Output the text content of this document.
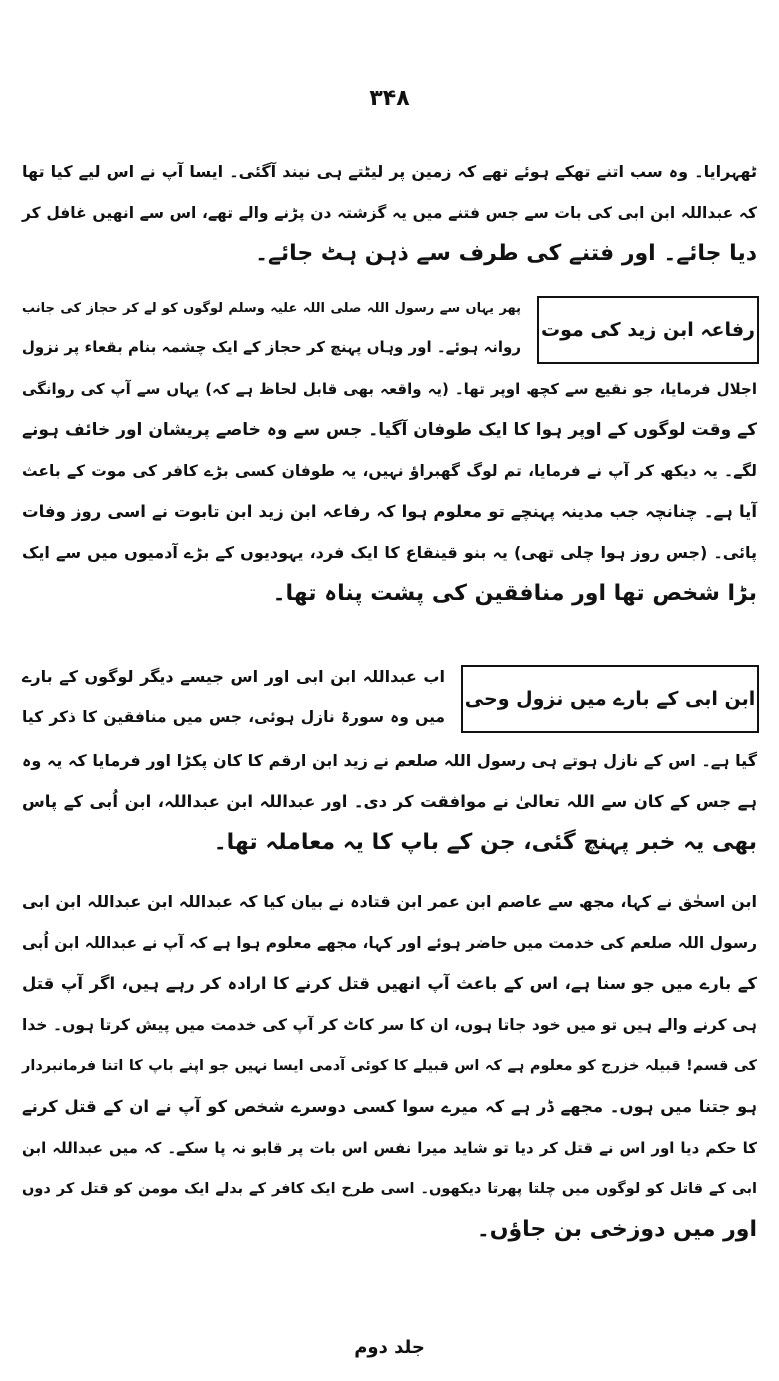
۳۴۸
ٹھہرایا۔ وہ سب اتنے تھکے ہوئے تھے کہ زمین پر لیٹتے ہی نیند آگئی۔ ایسا آپ نے اس لیے کیا تھا
کہ عبداللہ ابن ابی کی بات سے جس فتنے میں یہ گزشتہ دن پڑنے والے تھے، اس سے انھیں غافل کر
دیا جائے۔ اور فتنے کی طرف سے ذہن ہٹ جائے۔
رفاعہ ابن زید کی موت
پھر یہاں سے رسول اللہ صلی اللہ علیہ وسلم لوگوں کو لے کر حجاز کی جانب
روانہ ہوئے۔ اور وہاں پہنچ کر حجاز کے ایک چشمہ بنام بقعاء پر نزول
اجلال فرمایا، جو نقیع سے کچھ اوپر تھا۔ (یہ واقعہ بھی قابل لحاظ ہے کہ) یہاں سے آپ کی روانگی
کے وقت لوگوں کے اوپر ہوا کا ایک طوفان آگیا۔ جس سے وہ خاصے پریشان اور خائف ہونے
لگے۔ یہ دیکھ کر آپ نے فرمایا، تم لوگ گھبراؤ نہیں، یہ طوفان کسی بڑے کافر کی موت کے باعث
آیا ہے۔ چنانچہ جب مدینہ پہنچے تو معلوم ہوا کہ رفاعہ ابن زید ابن تابوت نے اسی روز وفات
پائی۔ (جس روز ہوا چلی تھی) یہ بنو قینقاع کا ایک فرد، یہودیوں کے بڑے آدمیوں میں سے ایک
بڑا شخص تھا اور منافقین کی پشت پناہ تھا۔
ابن ابی کے بارے میں نزول وحی
اب عبداللہ ابن ابی اور اس جیسے دیگر لوگوں کے بارے
میں وہ سورۃ نازل ہوئی، جس میں منافقین کا ذکر کیا
گیا ہے۔ اس کے نازل ہوتے ہی رسول اللہ صلعم نے زید ابن ارقم کا کان پکڑا اور فرمایا کہ یہ وہ
ہے جس کے کان سے اللہ تعالیٰ نے موافقت کر دی۔ اور عبداللہ ابن عبداللہ، ابن اُبی کے پاس
بھی یہ خبر پہنچ گئی، جن کے باپ کا یہ معاملہ تھا۔
ابن اسحٰق نے کہا، مجھ سے عاصم ابن عمر ابن قتادہ نے بیان کیا کہ عبداللہ ابن عبداللہ ابن ابی
رسول اللہ صلعم کی خدمت میں حاضر ہوئے اور کہا، مجھے معلوم ہوا ہے کہ آپ نے عبداللہ ابن اُبی
کے بارے میں جو سنا ہے، اس کے باعث آپ انھیں قتل کرنے کا ارادہ کر رہے ہیں، اگر آپ قتل
ہی کرنے والے ہیں تو میں خود جاتا ہوں، ان کا سر کاٹ کر آپ کی خدمت میں پیش کرتا ہوں۔ خدا
کی قسم! قبیلہ خزرج کو معلوم ہے کہ اس قبیلے کا کوئی آدمی ایسا نہیں جو اپنے باپ کا اتنا فرمانبردار
ہو جتنا میں ہوں۔ مجھے ڈر ہے کہ میرے سوا کسی دوسرے شخص کو آپ نے ان کے قتل کرنے
کا حکم دیا اور اس نے قتل کر دیا تو شاید میرا نفس اس بات پر قابو نہ پا سکے۔ کہ میں عبداللہ ابن
ابی کے قاتل کو لوگوں میں چلتا پھرتا دیکھوں۔ اسی طرح ایک کافر کے بدلے ایک مومن کو قتل کر دوں
اور میں دوزخی بن جاؤں۔
جلد دوم
